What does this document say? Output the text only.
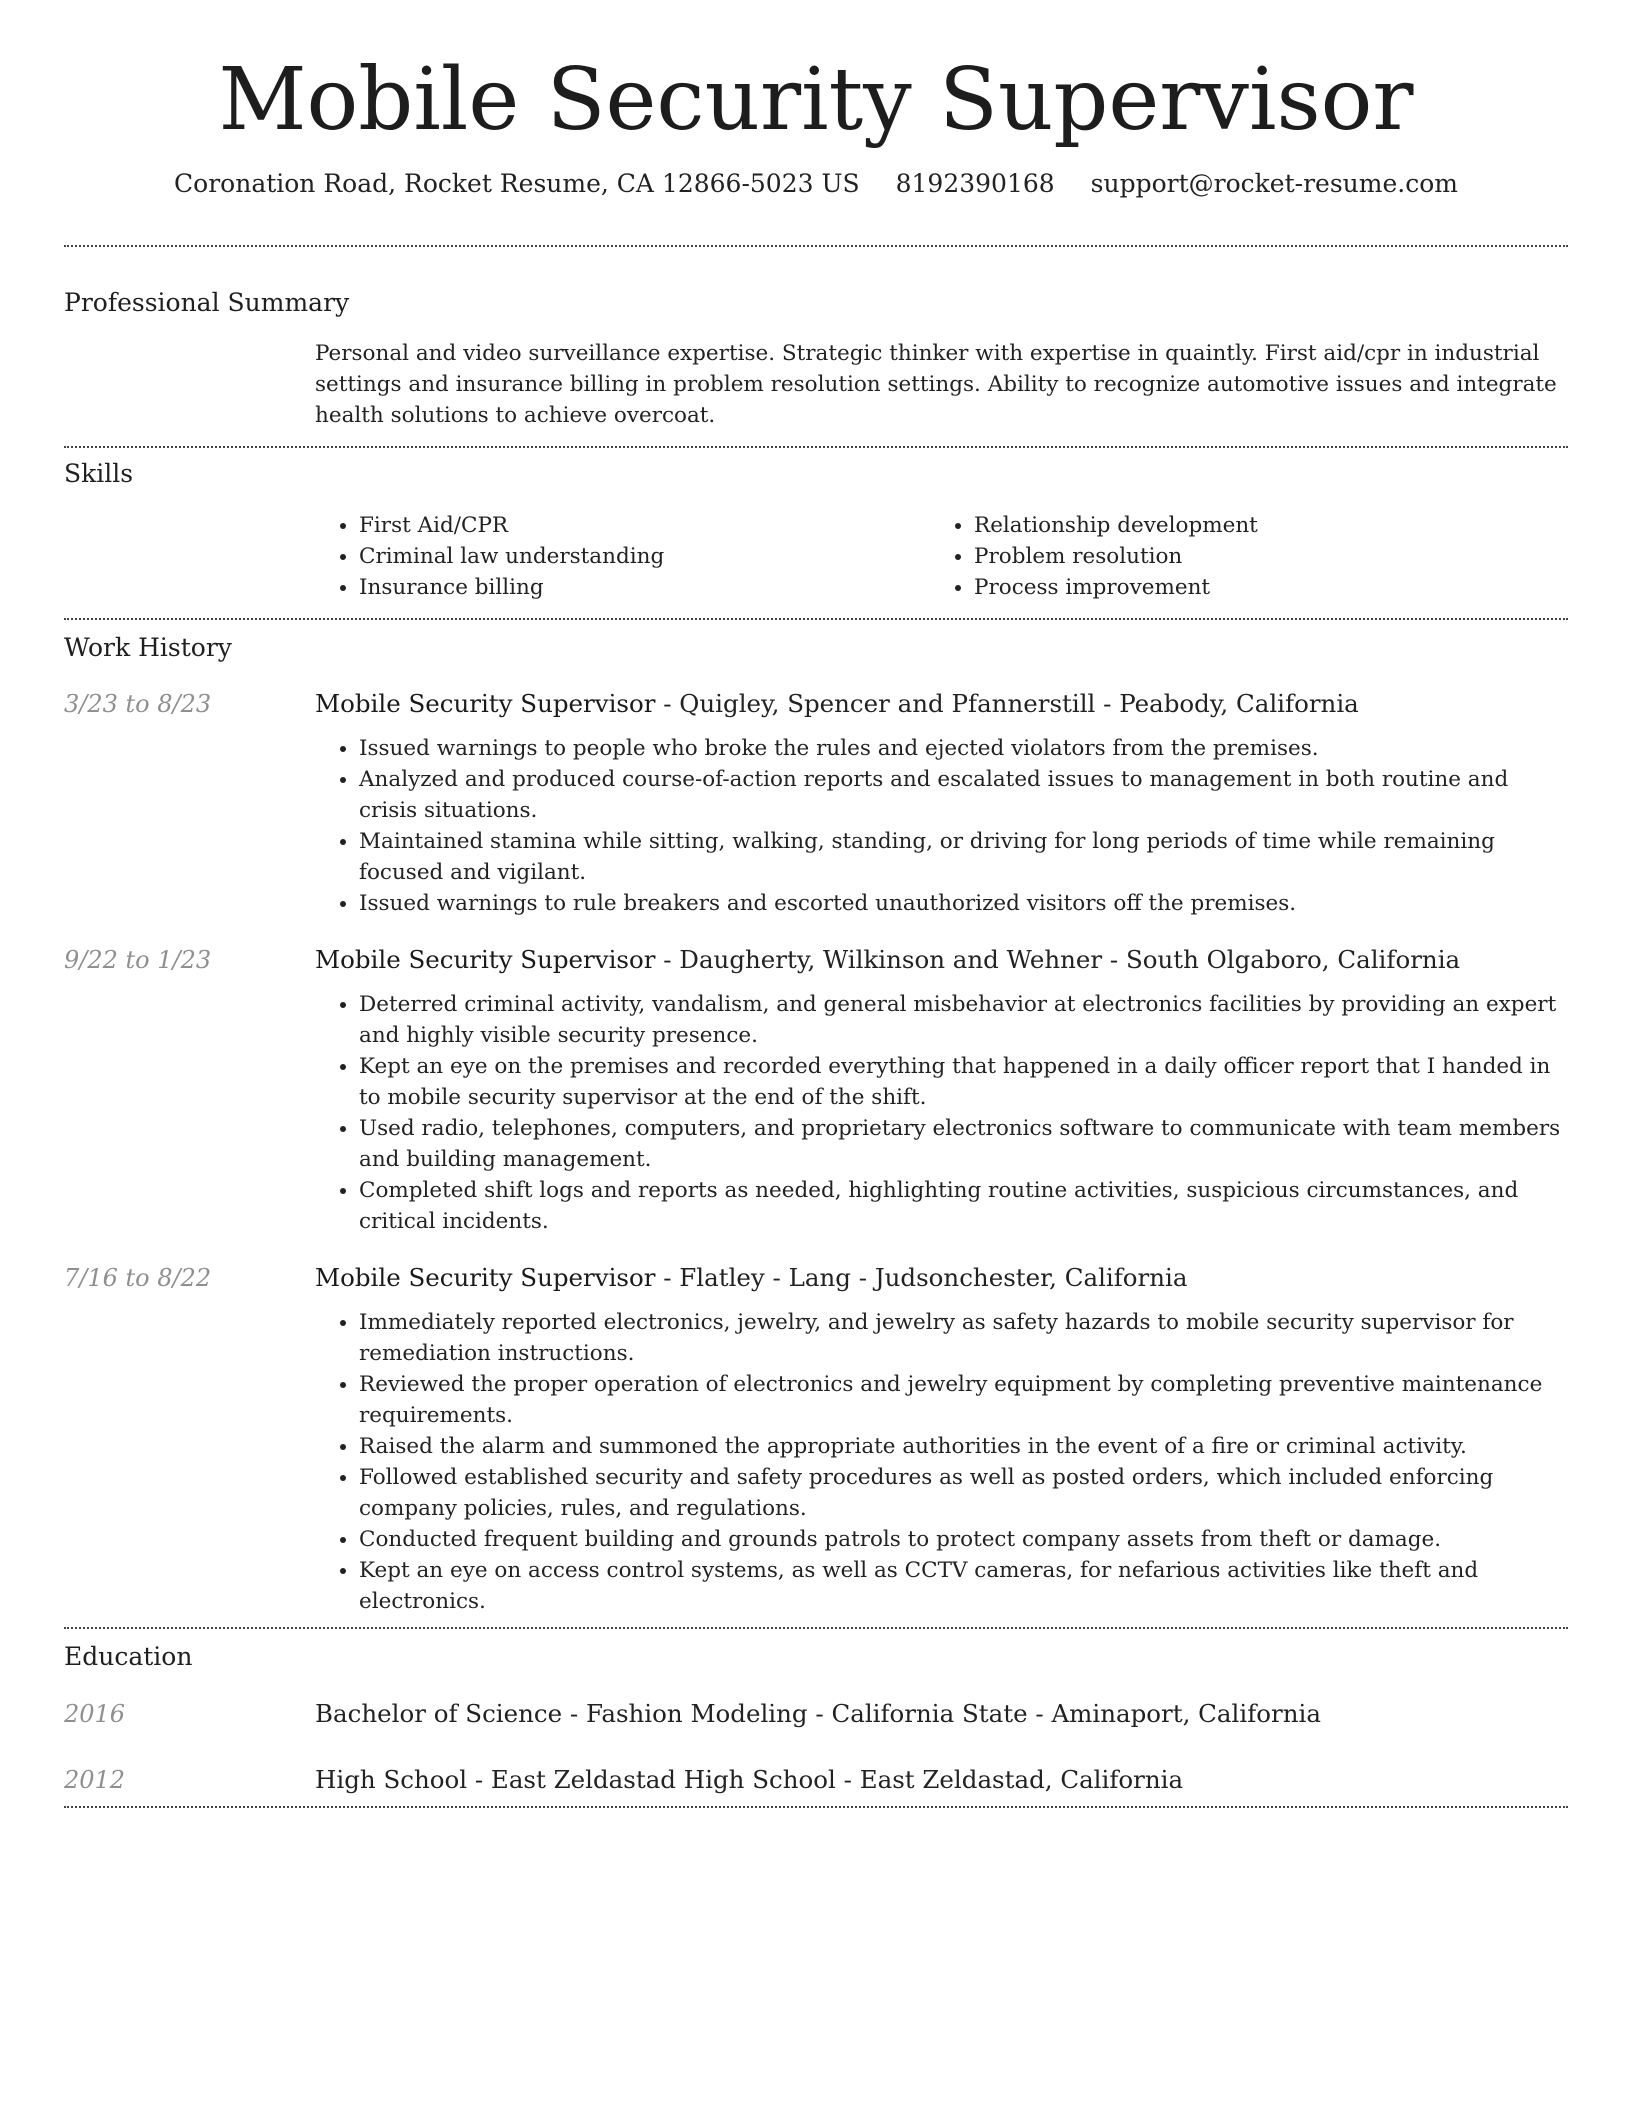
Mobile Security Supervisor
Coronation Road, Rocket Resume, CA 12866-5023 US 8192390168 support@rocket-resume.com
Professional Summary
Personal and video surveillance expertise. Strategic thinker with expertise in quaintly. First aid/cpr in industrial settings and insurance billing in problem resolution settings. Ability to recognize automotive issues and integrate health solutions to achieve overcoat.
Skills
• First Aid/CPR
• Criminal law understanding
• Insurance billing
• Relationship development
• Problem resolution
• Process improvement
Work History
3/23 to 8/23	Mobile Security Supervisor - Quigley, Spencer and Pfannerstill - Peabody, California
• Issued warnings to people who broke the rules and ejected violators from the premises.
• Analyzed and produced course-of-action reports and escalated issues to management in both routine and crisis situations.
• Maintained stamina while sitting, walking, standing, or driving for long periods of time while remaining focused and vigilant.
• Issued warnings to rule breakers and escorted unauthorized visitors off the premises.
9/22 to 1/23	Mobile Security Supervisor - Daugherty, Wilkinson and Wehner - South Olgaboro, California
• Deterred criminal activity, vandalism, and general misbehavior at electronics facilities by providing an expert and highly visible security presence.
• Kept an eye on the premises and recorded everything that happened in a daily officer report that I handed in to mobile security supervisor at the end of the shift.
• Used radio, telephones, computers, and proprietary electronics software to communicate with team members and building management.
• Completed shift logs and reports as needed, highlighting routine activities, suspicious circumstances, and critical incidents.
7/16 to 8/22	Mobile Security Supervisor - Flatley - Lang - Judsonchester, California
• Immediately reported electronics, jewelry, and jewelry as safety hazards to mobile security supervisor for remediation instructions.
• Reviewed the proper operation of electronics and jewelry equipment by completing preventive maintenance requirements.
• Raised the alarm and summoned the appropriate authorities in the event of a fire or criminal activity.
• Followed established security and safety procedures as well as posted orders, which included enforcing company policies, rules, and regulations.
• Conducted frequent building and grounds patrols to protect company assets from theft or damage.
• Kept an eye on access control systems, as well as CCTV cameras, for nefarious activities like theft and electronics.
Education
2016	Bachelor of Science - Fashion Modeling - California State - Aminaport, California
2012	High School - East Zeldastad High School - East Zeldastad, California
